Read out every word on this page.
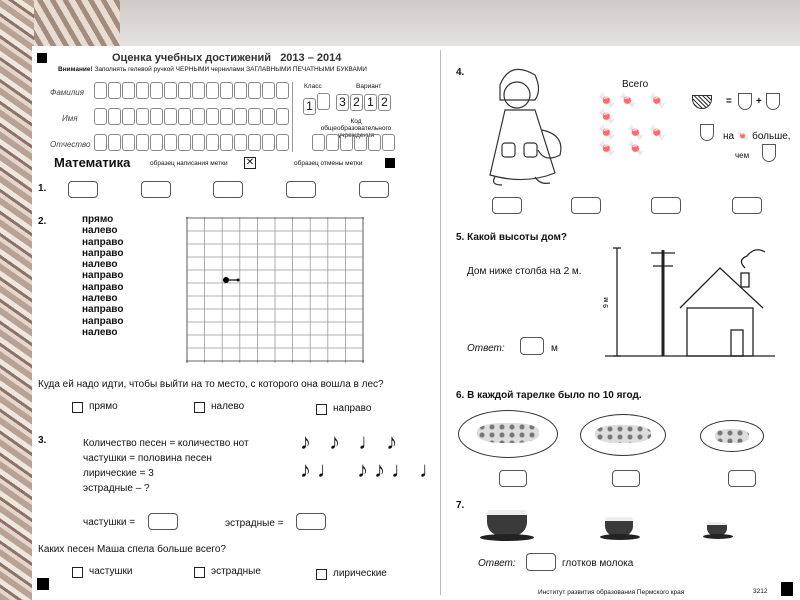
Оценка учебных достижений 2013 – 2014
Внимание! Заполнять гелевой ручкой ЧЕРНЫМИ чернилами ЗАГЛАВНЫМИ ПЕЧАТНЫМИ БУКВАМИ
Фамилия
Имя
Отчество
Класс
1
Вариант
3 2 1 2
Код общеобразовательного учреждения
Математика	образец написания метки ✕	образец отмены метки
1.
2.	прямо
налево
направо
направо
налево
направо
направо
налево
направо
направо
налево
Куда ей надо идти, чтобы выйти на то место, с которого она вошла в лес?
прямо	налево	направо
3.	Количество песен = количество нот
частушки = половина песен
лирические = 3
эстрадные – ?
♪ ♪ ♩♪
♪♩ ♪♪♩♩
частушки =	эстрадные =
Каких песен Маша спела больше всего?
частушки	эстрадные	лирические
4.
Всего
🍬🍬 🍬🍬
🍬 🍬🍬
🍬 🍬
= +
на 🍬 больше,
чем
5. Какой высоты дом?
Дом ниже столба на 2 м.
9 м
Ответ:	м
6. В каждой тарелке было по 10 ягод.
7.
Ответ:	глотков молока
Институт развития образования Пермского края	3212
